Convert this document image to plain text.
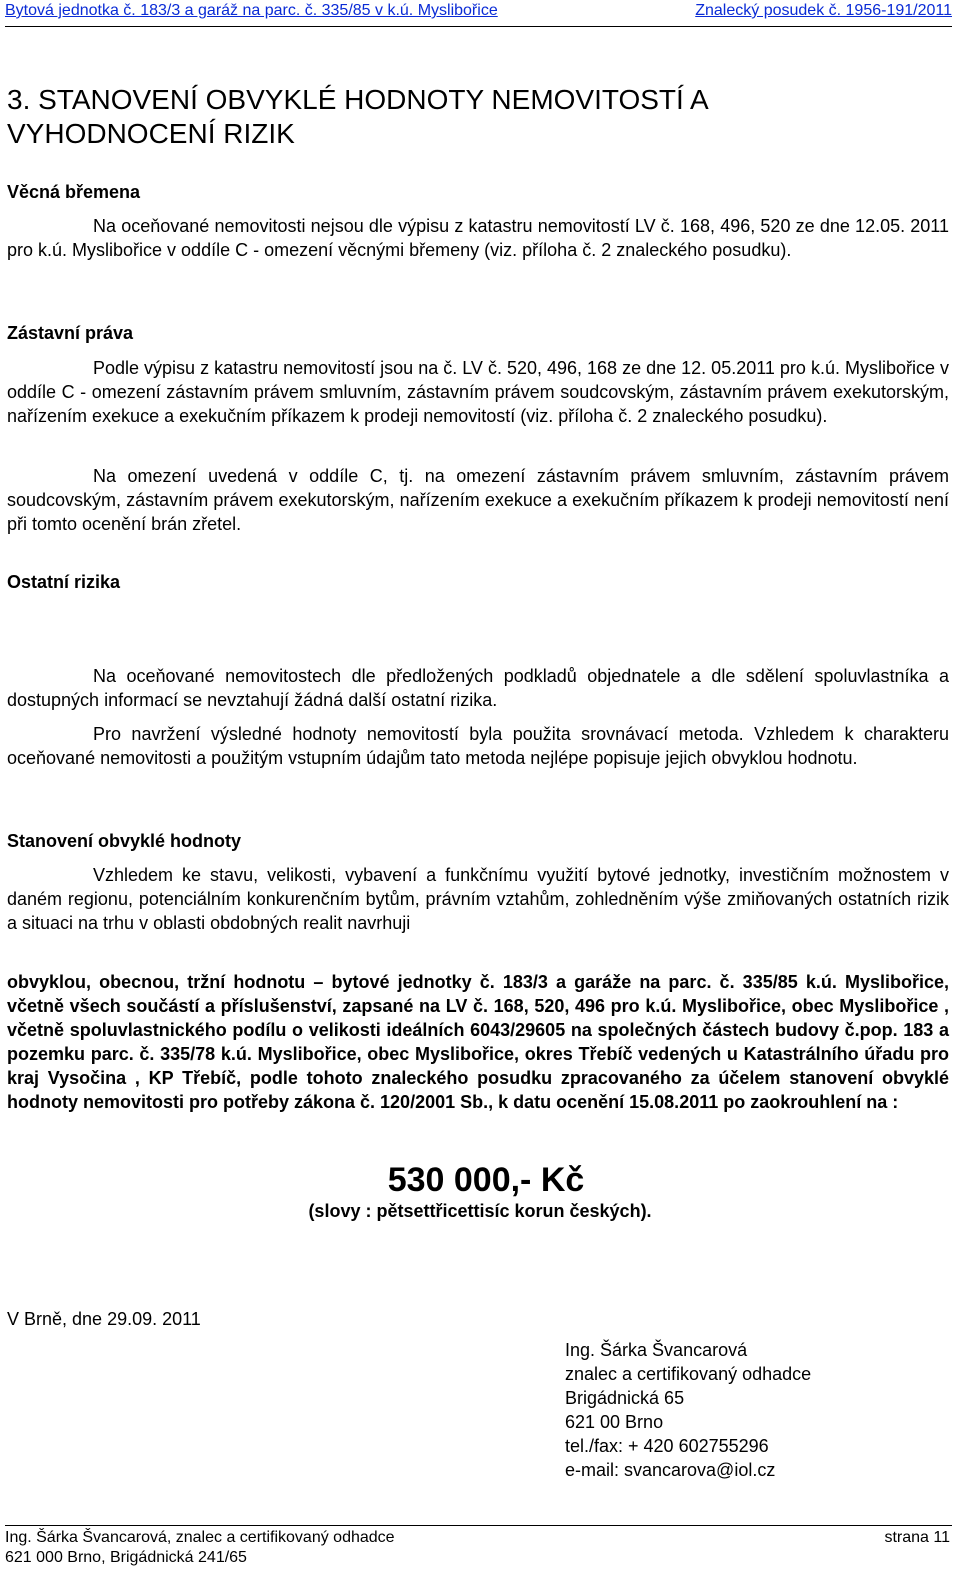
Bytová jednotka č. 183/3 a garáž na parc. č. 335/85 v k.ú. Myslibořice	Znalecký posudek č. 1956-191/2011
3. STANOVENÍ OBVYKLÉ HODNOTY NEMOVITOSTÍ A VYHODNOCENÍ RIZIK
Věcná břemena

Na oceňované nemovitosti nejsou dle výpisu z katastru nemovitostí LV č. 168, 496, 520 ze dne 12.05. 2011 pro k.ú. Myslibořice v oddíle C - omezení věcnými břemeny (viz. příloha č. 2 znaleckého posudku).

Zástavní práva

Podle výpisu z katastru nemovitostí jsou na č. LV č. 520, 496, 168 ze dne 12. 05.2011 pro k.ú. Myslibořice v oddíle C - omezení zástavním právem smluvním, zástavním právem soudcovským, zástavním právem exekutorským, nařízením exekuce a exekučním příkazem k prodeji nemovitostí (viz. příloha č. 2 znaleckého posudku).

Na omezení uvedená v oddíle C, tj. na omezení zástavním právem smluvním, zástavním právem soudcovským, zástavním právem exekutorským, nařízením exekuce a exekučním příkazem k prodeji nemovitostí není při tomto ocenění brán zřetel.

Ostatní rizika

Na oceňované nemovitostech dle předložených podkladů objednatele a dle sdělení spoluvlastníka a dostupných informací se nevztahují žádná další ostatní rizika.

Pro navržení výsledné hodnoty nemovitostí byla použita srovnávací metoda. Vzhledem k charakteru oceňované nemovitosti a použitým vstupním údajům tato metoda nejlépe popisuje jejich obvyklou hodnotu.

Stanovení obvyklé hodnoty

Vzhledem ke stavu, velikosti, vybavení a funkčnímu využití bytové jednotky, investičním možnostem v daném regionu, potenciálním konkurenčním bytům, právním vztahům, zohledněním výše zmiňovaných ostatních rizik a situaci na trhu v oblasti obdobných realit navrhuji

obvyklou, obecnou, tržní hodnotu – bytové jednotky č. 183/3 a garáže na parc. č. 335/85 k.ú. Myslibořice, včetně všech součástí a příslušenství, zapsané na LV č. 168, 520, 496 pro k.ú. Myslibořice, obec Myslibořice , včetně spoluvlastnického podílu o velikosti ideálních 6043/29605 na společných částech budovy č.pop. 183 a pozemku parc. č. 335/78 k.ú. Myslibořice, obec Myslibořice, okres Třebíč vedených u Katastrálního úřadu pro kraj Vysočina , KP Třebíč, podle tohoto znaleckého posudku zpracovaného za účelem stanovení obvyklé hodnoty nemovitosti pro potřeby zákona č. 120/2001 Sb., k datu ocenění 15.08.2011 po zaokrouhlení na :

530 000,- Kč

(slovy : pětsettřicettisíc korun českých).

V Brně, dne 29.09. 2011

Ing. Šárka Švancarová
znalec a certifikovaný odhadce
Brigádnická 65
621 00 Brno
tel./fax: + 420 602755296
e-mail: svancarova@iol.cz
Ing. Šárka Švancarová, znalec a certifikovaný odhadce
621 000 Brno, Brigádnická 241/65
strana 11
